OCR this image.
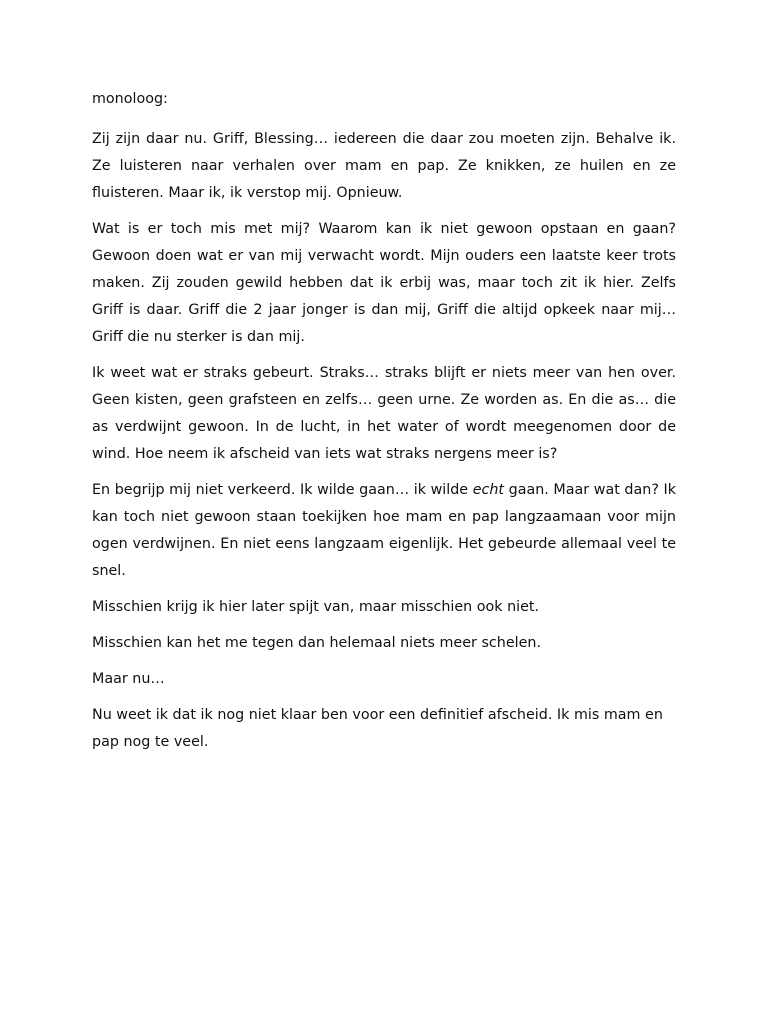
monoloog:

Zij zijn daar nu. Griff, Blessing… iedereen die daar zou moeten zijn. Behalve ik. Ze luisteren naar verhalen over mam en pap. Ze knikken, ze huilen en ze fluisteren. Maar ik, ik verstop mij. Opnieuw.

Wat is er toch mis met mij? Waarom kan ik niet gewoon opstaan en gaan? Gewoon doen wat er van mij verwacht wordt. Mijn ouders een laatste keer trots maken. Zij zouden gewild hebben dat ik erbij was, maar toch zit ik hier. Zelfs Griff is daar. Griff die 2 jaar jonger is dan mij, Griff die altijd opkeek naar mij… Griff die nu sterker is dan mij.

Ik weet wat er straks gebeurt. Straks… straks blijft er niets meer van hen over. Geen kisten, geen grafsteen en zelfs… geen urne. Ze worden as. En die as… die as verdwijnt gewoon. In de lucht, in het water of wordt meegenomen door de wind. Hoe neem ik afscheid van iets wat straks nergens meer is?

En begrijp mij niet verkeerd. Ik wilde gaan… ik wilde echt gaan. Maar wat dan? Ik kan toch niet gewoon staan toekijken hoe mam en pap langzaamaan voor mijn ogen verdwijnen. En niet eens langzaam eigenlijk. Het gebeurde allemaal veel te snel.

Misschien krijg ik hier later spijt van, maar misschien ook niet.

Misschien kan het me tegen dan helemaal niets meer schelen.

Maar nu…

Nu weet ik dat ik nog niet klaar ben voor een definitief afscheid. Ik mis mam en pap nog te veel.
